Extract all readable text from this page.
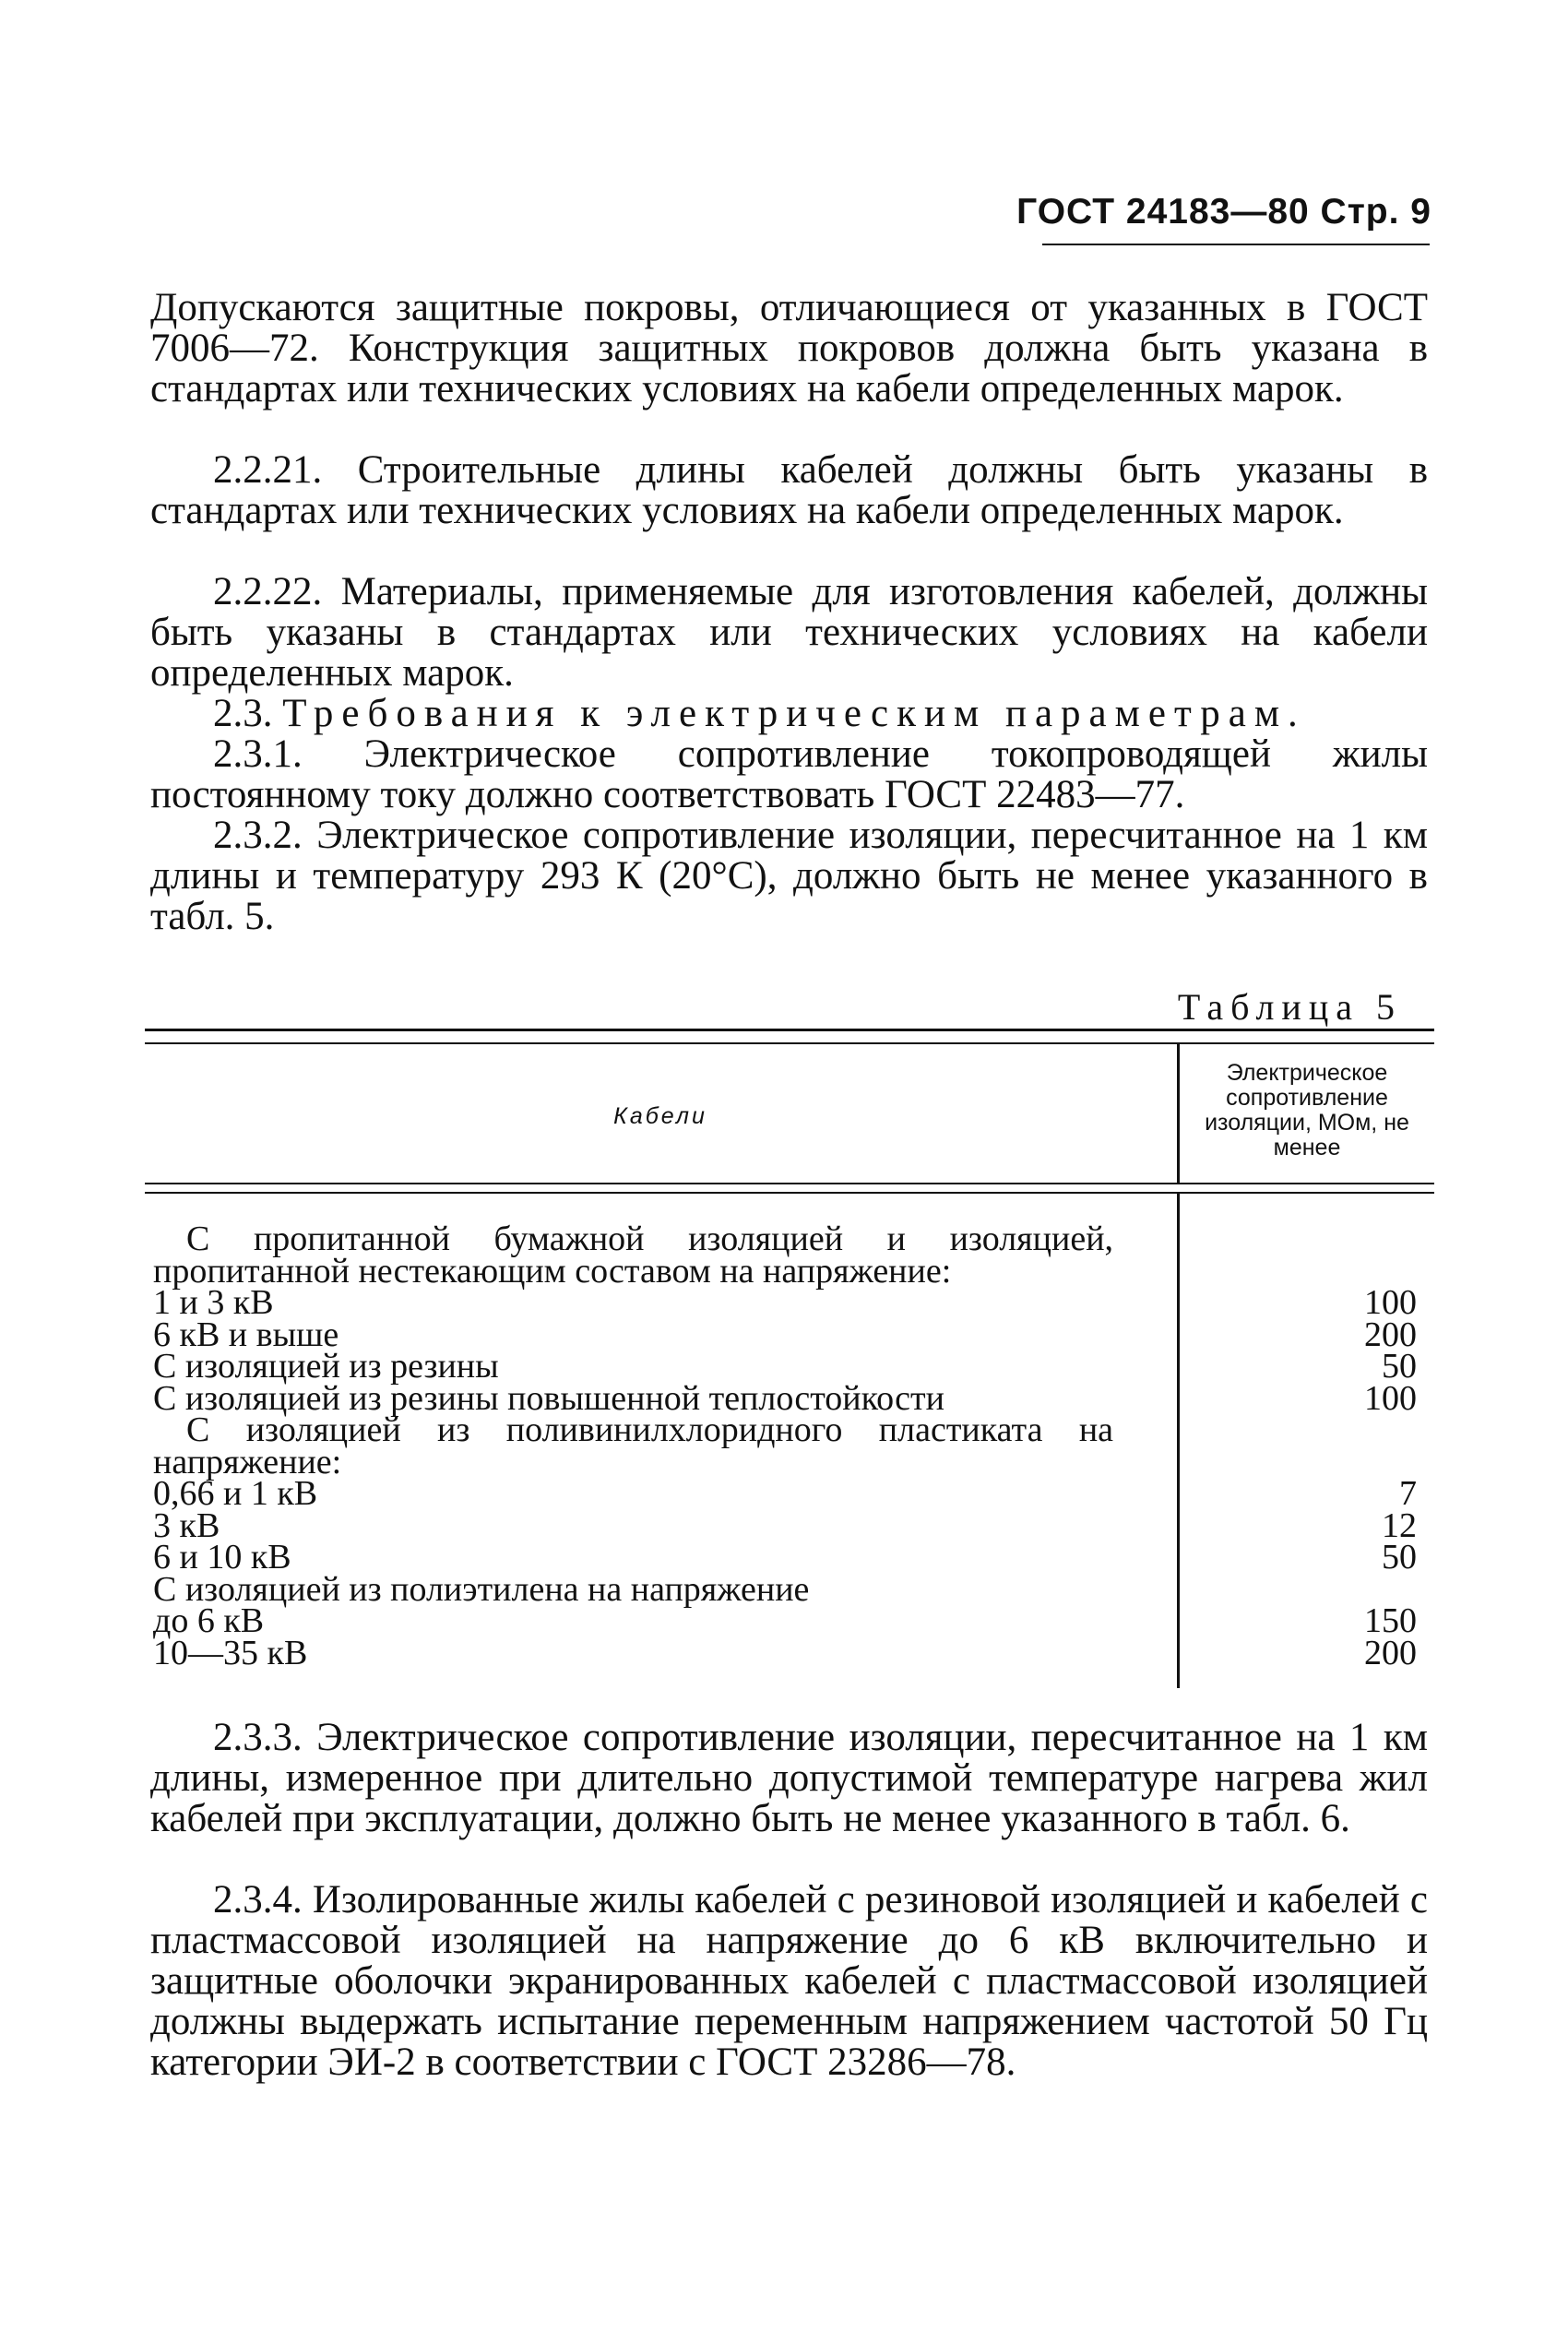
ГОСТ 24183—80 Стр. 9

Допускаются защитные покровы, отличающиеся от указанных в ГОСТ 7006—72. Конструкция защитных покровов должна быть указана в стандартах или технических условиях на кабели определенных марок.

2.2.21. Строительные длины кабелей должны быть указаны в стандартах или технических условиях на кабели определенных марок.

2.2.22. Материалы, применяемые для изготовления кабелей, должны быть указаны в стандартах или технических условиях на кабели определенных марок.

2.3. Требования к электрическим параметрам.

2.3.1. Электрическое сопротивление токопроводящей жилы постоянному току должно соответствовать ГОСТ 22483—77.

2.3.2. Электрическое сопротивление изоляции, пересчитанное на 1 км длины и температуру 293 К (20°С), должно быть не менее указанного в табл. 5.

Таблица 5
Кабели
Электрическое сопротивление изоляции, МОм, не менее
С пропитанной бумажной изоляцией и изоляцией, пропитанной нестекающим составом на напряжение:
1 и 3 кВ	100
6 кВ и выше	200
С изоляцией из резины	50
С изоляцией из резины повышенной теплостойкости	100
С изоляцией из поливинилхлоридного пластиката на напряжение:
0,66 и 1 кВ	7
3 кВ	12
6 и 10 кВ	50
С изоляцией из полиэтилена на напряжение
до 6 кВ	150
10—35 кВ	200

2.3.3. Электрическое сопротивление изоляции, пересчитанное на 1 км длины, измеренное при длительно допустимой температуре нагрева жил кабелей при эксплуатации, должно быть не менее указанного в табл. 6.

2.3.4. Изолированные жилы кабелей с резиновой изоляцией и кабелей с пластмассовой изоляцией на напряжение до 6 кВ включительно и защитные оболочки экранированных кабелей с пластмассовой изоляцией должны выдержать испытание переменным напряжением частотой 50 Гц категории ЭИ-2 в соответствии с ГОСТ 23286—78.
